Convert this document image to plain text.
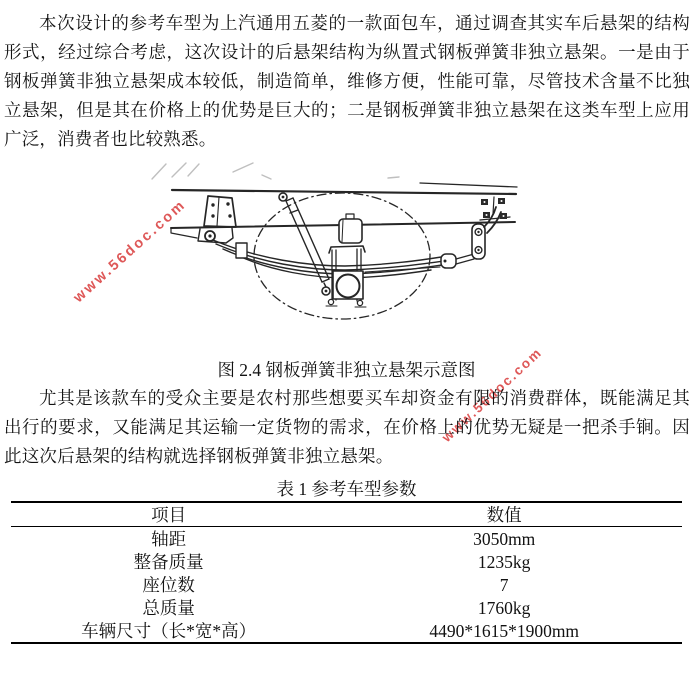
www.56doc.com
www.56doc.com
本次设计的参考车型为上汽通用五菱的一款面包车，通过调查其实车后悬架的结构形式，经过综合考虑，这次设计的后悬架结构为纵置式钢板弹簧非独立悬架。一是由于钢板弹簧非独立悬架成本较低，制造简单，维修方便，性能可靠，尽管技术含量不比独立悬架，但是其在价格上的优势是巨大的；二是钢板弹簧非独立悬架在这类车型上应用广泛，消费者也比较熟悉。
图 2.4 钢板弹簧非独立悬架示意图
尤其是该款车的受众主要是农村那些想要买车却资金有限的消费群体，既能满足其出行的要求，又能满足其运输一定货物的需求，在价格上的优势无疑是一把杀手锏。因此这次后悬架的结构就选择钢板弹簧非独立悬架。
表 1 参考车型参数
项目	数值
轴距	3050mm
整备质量	1235kg
座位数	7
总质量	1760kg
车辆尺寸（长*宽*高）	4490*1615*1900mm
